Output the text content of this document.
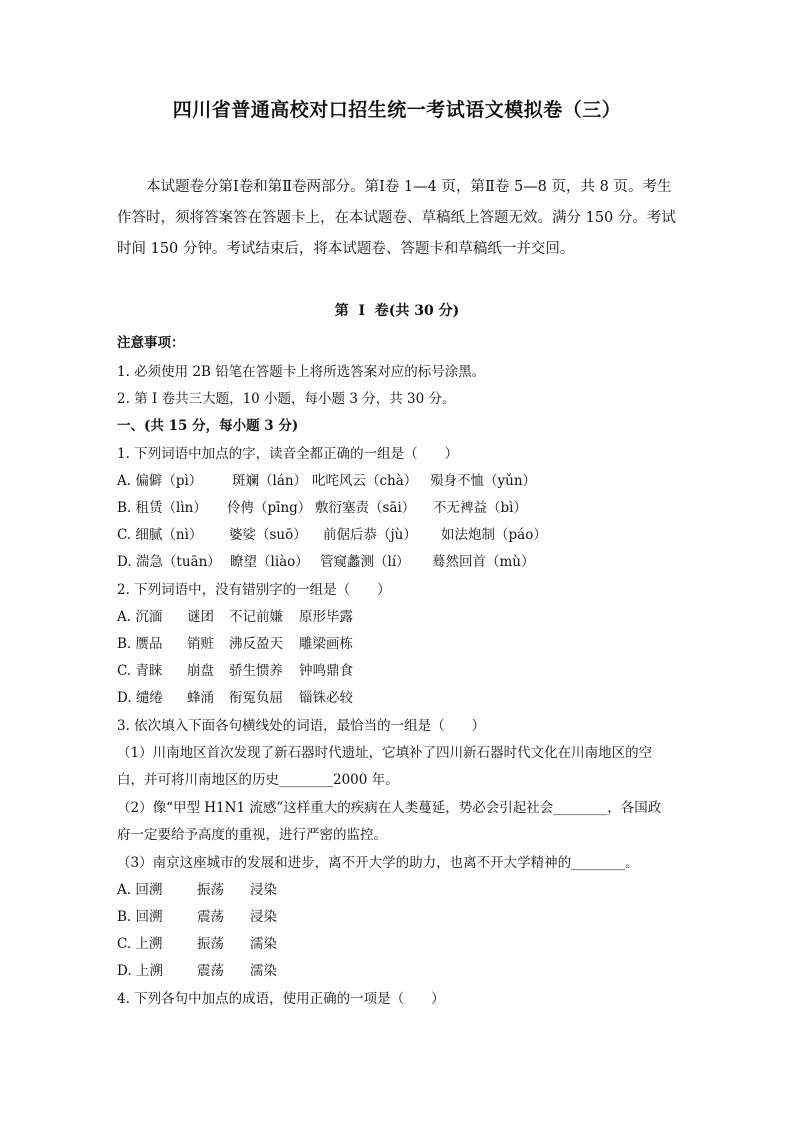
四川省普通高校对口招生统一考试语文模拟卷（三）

本试题卷分第Ⅰ卷和第Ⅱ卷两部分。第Ⅰ卷 1—4 页，第Ⅱ卷 5—8 页，共 8 页。考生作答时，须将答案答在答题卡上，在本试题卷、草稿纸上答题无效。满分 150 分。考试时间 150 分钟。考试结束后，将本试题卷、答题卡和草稿纸一并交回。

第  Ⅰ  卷(共 30 分)
注意事项：
1. 必须使用 2B 铅笔在答题卡上将所选答案对应的标号涂黑。
2. 第 Ⅰ 卷共三大题，10 小题，每小题 3 分，共 30 分。
一、(共 15 分，每小题 3 分)
1. 下列词语中加点的字，读音全都正确的一组是（　　）
A. 偏僻（pì） 斑斓（lán） 叱咤风云（chà） 殒身不恤（yǔn）
B. 租赁（lìn） 伶俜（pīng） 敷衍塞责（sāi） 不无裨益（bì）
C. 细腻（nì） 婆娑（suō） 前倨后恭（jù） 如法炮制（páo）
D. 湍急（tuān） 瞭望（liào） 管窥蠡测（lí） 蓦然回首（mù）
2. 下列词语中，没有错别字的一组是（　　）
A. 沉湎 谜团 不记前嫌 原形毕露
B. 赝品 销赃 沸反盈天 雕梁画栋
C. 青睐 崩盘 骄生惯养 钟鸣鼎食
D. 缱绻 蜂涌 衔冤负屈 锱铢必较
3. 依次填入下面各句横线处的词语，最恰当的一组是（　　）
（1）川南地区首次发现了新石器时代遗址，它填补了四川新石器时代文化在川南地区的空
白，并可将川南地区的历史________2000 年。
（2）像“甲型 H1N1 流感”这样重大的疾病在人类蔓延，势必会引起社会________，各国政
府一定要给予高度的重视，进行严密的监控。
（3）南京这座城市的发展和进步，离不开大学的助力，也离不开大学精神的________。
A. 回溯	振荡 浸染
B. 回溯	震荡 浸染
C. 上溯	振荡 濡染
D. 上溯	震荡 濡染
4. 下列各句中加点的成语，使用正确的一项是（　　）
